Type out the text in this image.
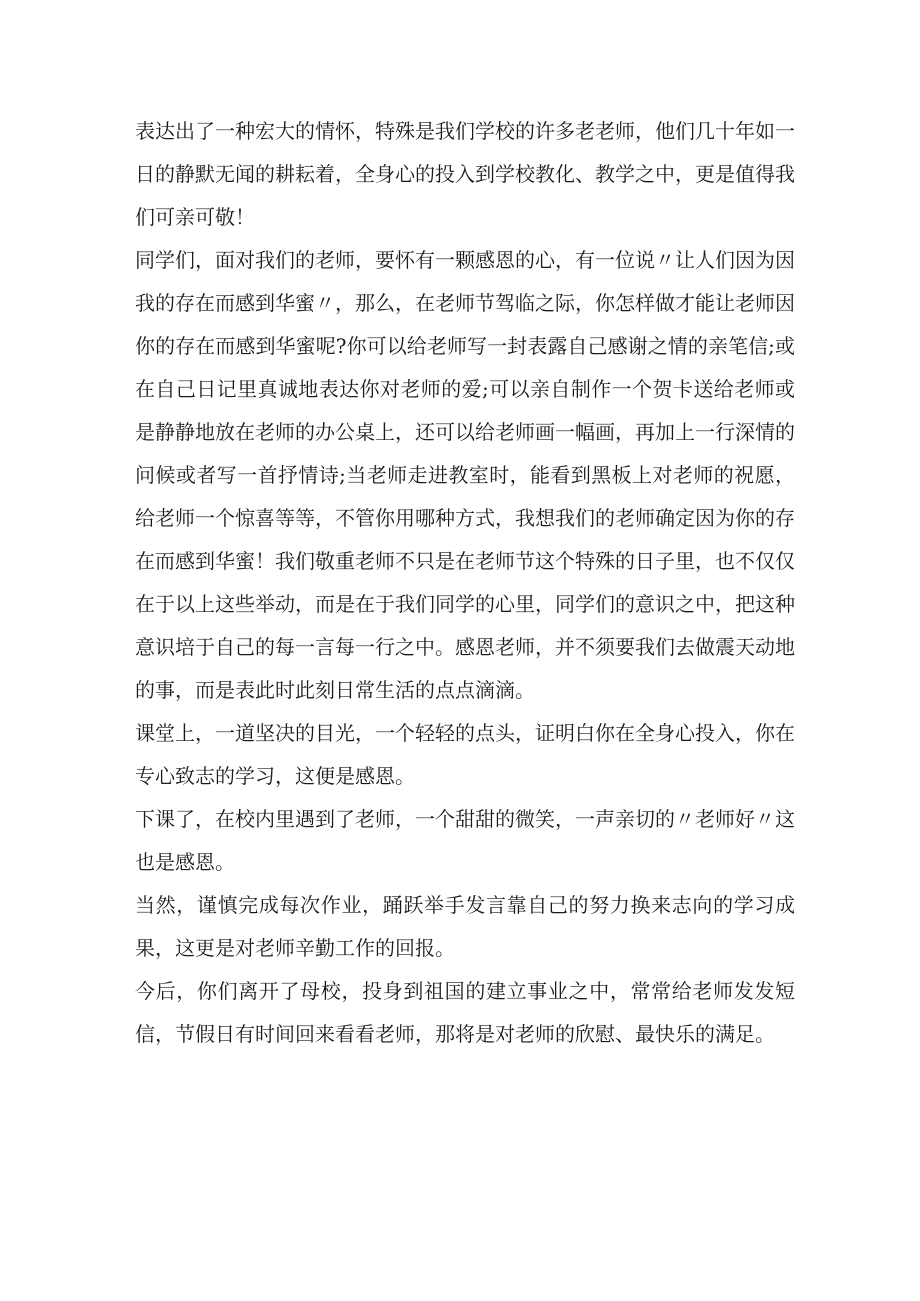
表达出了一种宏大的情怀，特殊是我们学校的许多老老师，他们几十年如一日的静默无闻的耕耘着，全身心的投入到学校教化、教学之中，更是值得我们可亲可敬！

同学们，面对我们的老师，要怀有一颗感恩的心，有一位说〃让人们因为因我的存在而感到华蜜〃，那么，在老师节驾临之际，你怎样做才能让老师因你的存在而感到华蜜呢?你可以给老师写一封表露自己感谢之情的亲笔信;或在自己日记里真诚地表达你对老师的爱;可以亲自制作一个贺卡送给老师或是静静地放在老师的办公桌上，还可以给老师画一幅画，再加上一行深情的问候或者写一首抒情诗;当老师走进教室时，能看到黑板上对老师的祝愿，给老师一个惊喜等等，不管你用哪种方式，我想我们的老师确定因为你的存在而感到华蜜！我们敬重老师不只是在老师节这个特殊的日子里，也不仅仅在于以上这些举动，而是在于我们同学的心里，同学们的意识之中，把这种意识培于自己的每一言每一行之中。感恩老师，并不须要我们去做震天动地的事，而是表此时此刻日常生活的点点滴滴。

课堂上，一道坚决的目光，一个轻轻的点头，证明白你在全身心投入，你在专心致志的学习，这便是感恩。

下课了，在校内里遇到了老师，一个甜甜的微笑，一声亲切的〃老师好〃这也是感恩。

当然，谨慎完成每次作业，踊跃举手发言靠自己的努力换来志向的学习成果，这更是对老师辛勤工作的回报。

今后，你们离开了母校，投身到祖国的建立事业之中，常常给老师发发短信，节假日有时间回来看看老师，那将是对老师的欣慰、最快乐的满足。
